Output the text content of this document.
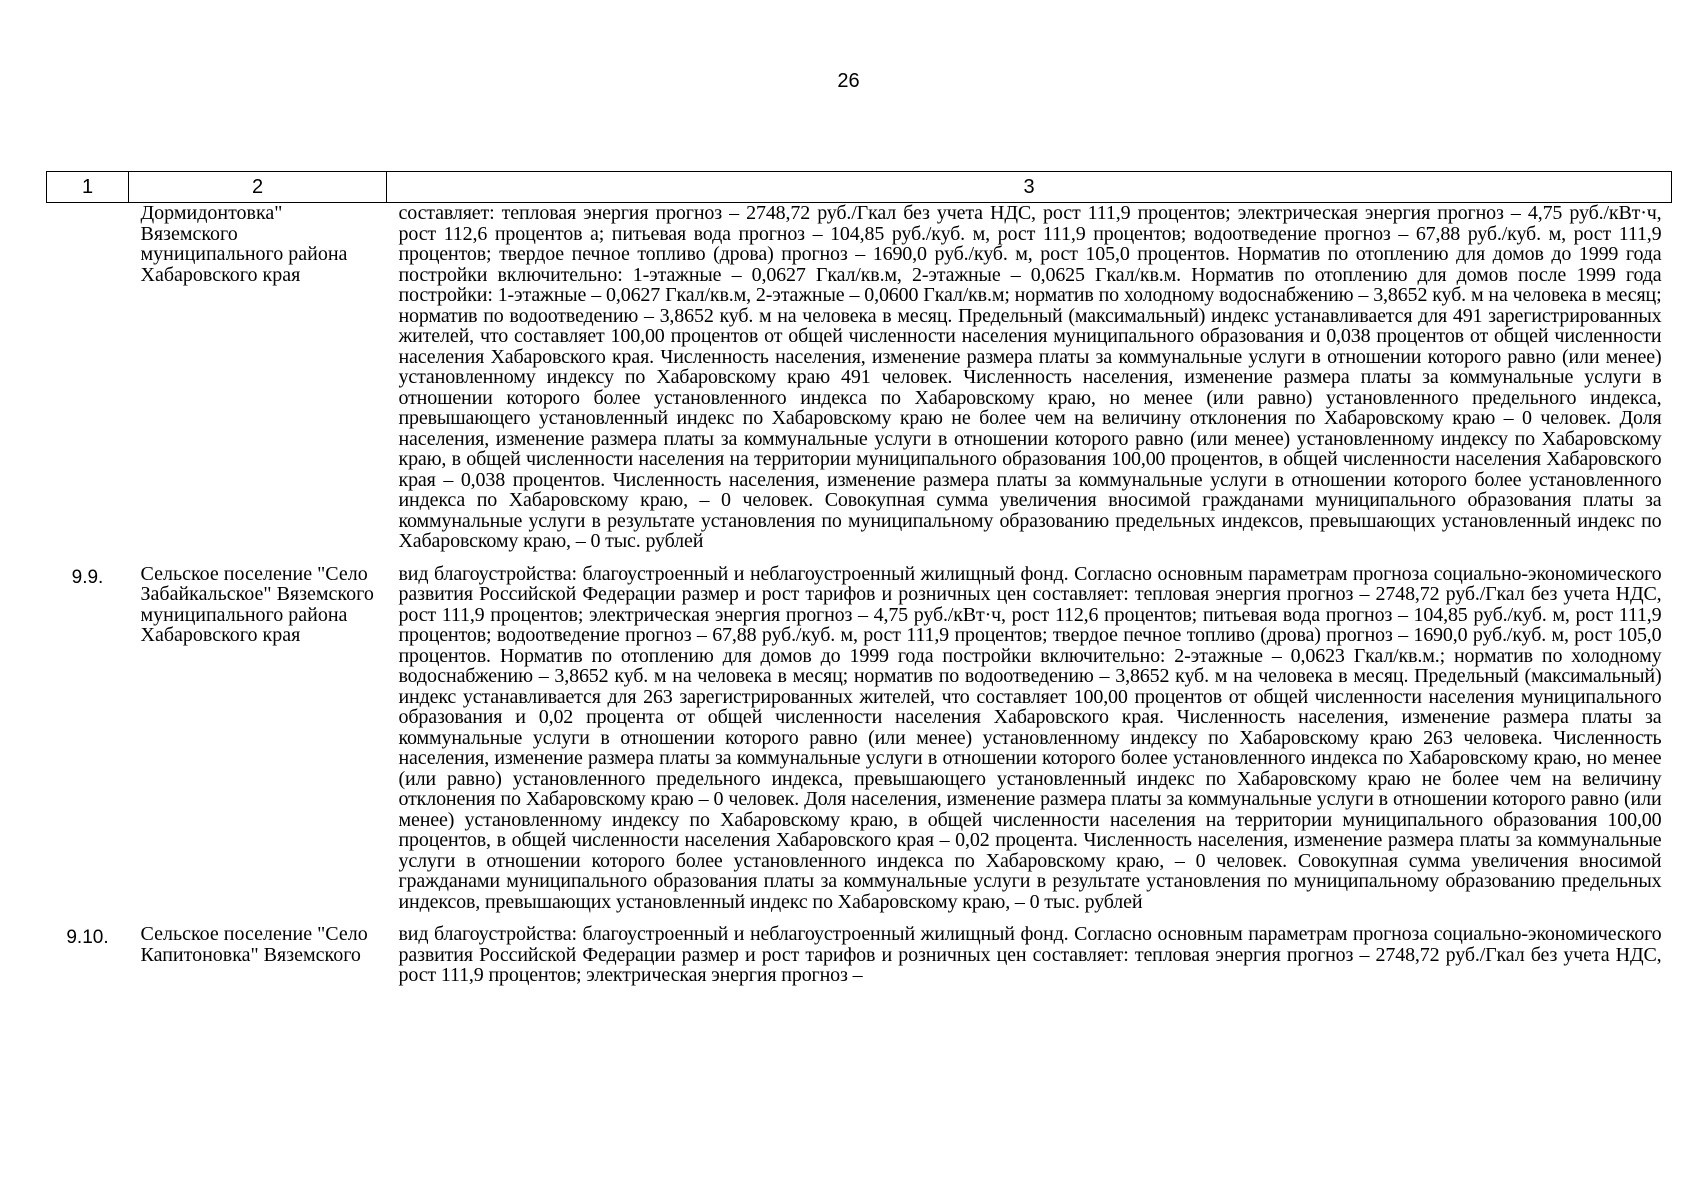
26
1	2	3
	Дормидонтовка" Вяземского муниципального района Хабаровского края	составляет: тепловая энергия прогноз – 2748,72 руб./Гкал без учета НДС, рост 111,9 процентов; электрическая энергия прогноз – 4,75 руб./кВт·ч, рост 112,6 процентов а; питьевая вода прогноз – 104,85 руб./куб. м, рост 111,9 процентов; водоотведение прогноз – 67,88 руб./куб. м, рост 111,9 процентов; твердое печное топливо (дрова) прогноз – 1690,0 руб./куб. м, рост 105,0 процентов. Норматив по отоплению для домов до 1999 года постройки включительно: 1-этажные – 0,0627 Гкал/кв.м, 2-этажные – 0,0625 Гкал/кв.м. Норматив по отоплению для домов после 1999 года постройки: 1-этажные – 0,0627 Гкал/кв.м, 2-этажные – 0,0600 Гкал/кв.м; норматив по холодному водоснабжению – 3,8652 куб. м на человека в месяц; норматив по водоотведению – 3,8652 куб. м на человека в месяц. Предельный (максимальный) индекс устанавливается для 491 зарегистрированных жителей, что составляет 100,00 процентов от общей численности населения муниципального образования и 0,038 процентов от общей численности населения Хабаровского края. Численность населения, изменение размера платы за коммунальные услуги в отношении которого равно (или менее) установленному индексу по Хабаровскому краю 491 человек. Численность населения, изменение размера платы за коммунальные услуги в отношении которого более установленного индекса по Хабаровскому краю, но менее (или равно) установленного предельного индекса, превышающего установленный индекс по Хабаровскому краю не более чем на величину отклонения по Хабаровскому краю – 0 человек. Доля населения, изменение размера платы за коммунальные услуги в отношении которого равно (или менее) установленному индексу по Хабаровскому краю, в общей численности населения на территории муниципального образования 100,00 процентов, в общей численности населения Хабаровского края – 0,038 процентов. Численность населения, изменение размера платы за коммунальные услуги в отношении которого более установленного индекса по Хабаровскому краю, – 0 человек. Совокупная сумма увеличения вносимой гражданами муниципального образования платы за коммунальные услуги в результате установления по муниципальному образованию предельных индексов, превышающих установленный индекс по Хабаровскому краю, – 0 тыс. рублей
9.9.	Сельское поселение "Село Забайкальское" Вяземского муниципального района Хабаровского края	вид благоустройства: благоустроенный и неблагоустроенный жилищный фонд. Согласно основным параметрам прогноза социально-экономического развития Российской Федерации размер и рост тарифов и розничных цен составляет: тепловая энергия прогноз – 2748,72 руб./Гкал без учета НДС, рост 111,9 процентов; электрическая энергия прогноз – 4,75 руб./кВт·ч, рост 112,6 процентов; питьевая вода прогноз – 104,85 руб./куб. м, рост 111,9 процентов; водоотведение прогноз – 67,88 руб./куб. м, рост 111,9 процентов; твердое печное топливо (дрова) прогноз – 1690,0 руб./куб. м, рост 105,0 процентов. Норматив по отоплению для домов до 1999 года постройки включительно: 2-этажные – 0,0623 Гкал/кв.м.; норматив по холодному водоснабжению – 3,8652 куб. м на человека в месяц; норматив по водоотведению – 3,8652 куб. м на человека в месяц. Предельный (максимальный) индекс устанавливается для 263 зарегистрированных жителей, что составляет 100,00 процентов от общей численности населения муниципального образования и 0,02 процента от общей численности населения Хабаровского края. Численность населения, изменение размера платы за коммунальные услуги в отношении которого равно (или менее) установленному индексу по Хабаровскому краю 263 человека. Численность населения, изменение размера платы за коммунальные услуги в отношении которого более установленного индекса по Хабаровскому краю, но менее (или равно) установленного предельного индекса, превышающего установленный индекс по Хабаровскому краю не более чем на величину отклонения по Хабаровскому краю – 0 человек. Доля населения, изменение размера платы за коммунальные услуги в отношении которого равно (или менее) установленному индексу по Хабаровскому краю, в общей численности населения на территории муниципального образования 100,00 процентов, в общей численности населения Хабаровского края – 0,02 процента. Численность населения, изменение размера платы за коммунальные услуги в отношении которого более установленного индекса по Хабаровскому краю, – 0 человек. Совокупная сумма увеличения вносимой гражданами муниципального образования платы за коммунальные услуги в результате установления по муниципальному образованию предельных индексов, превышающих установленный индекс по Хабаровскому краю, – 0 тыс. рублей
9.10.	Сельское поселение "Село Капитоновка" Вяземского	вид благоустройства: благоустроенный и неблагоустроенный жилищный фонд. Согласно основным параметрам прогноза социально-экономического развития Российской Федерации размер и рост тарифов и розничных цен составляет: тепловая энергия прогноз – 2748,72 руб./Гкал без учета НДС, рост 111,9 процентов; электрическая энергия прогноз –
